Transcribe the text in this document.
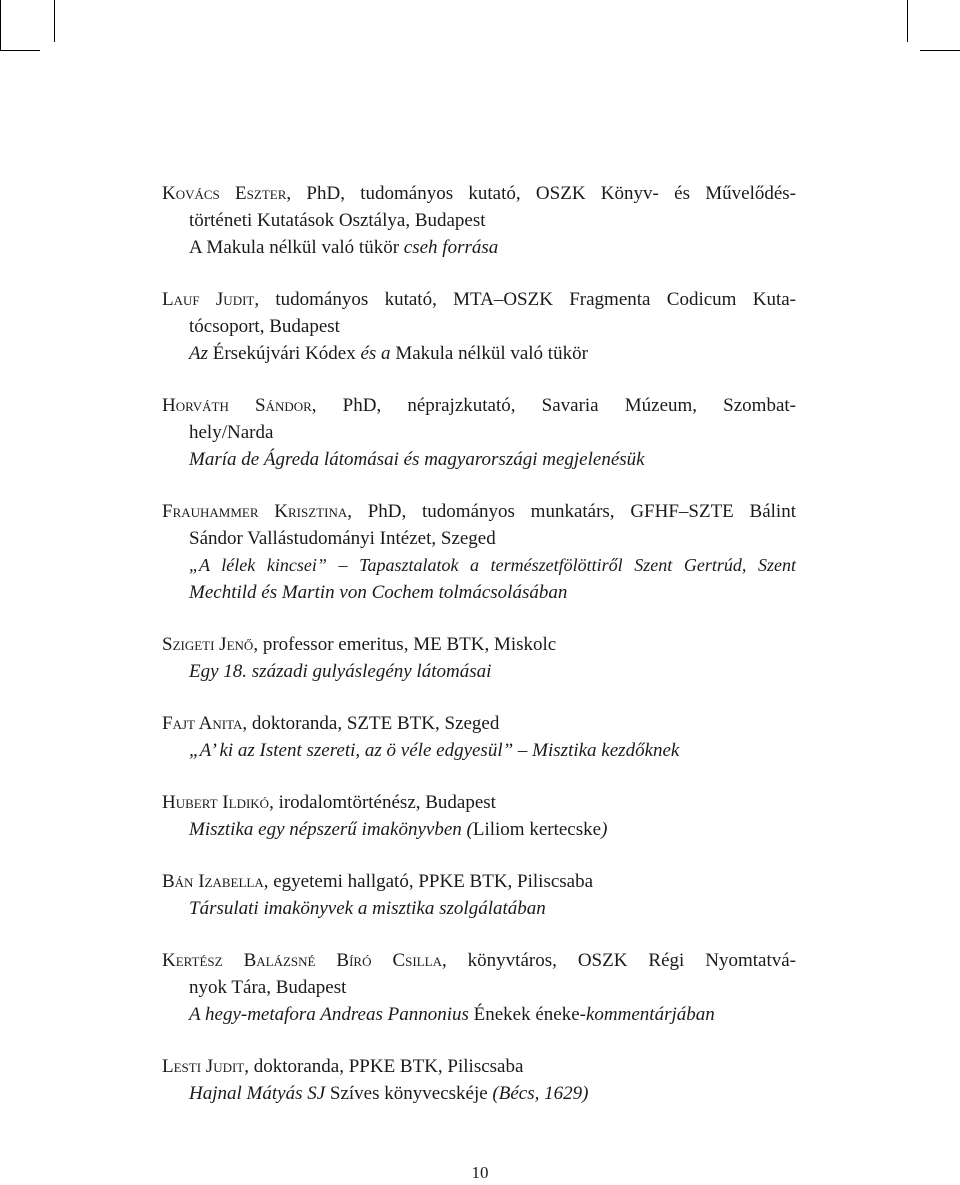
Kovács Eszter, PhD, tudományos kutató, OSZK Könyv- és Művelődés-

történeti Kutatások Osztálya, Budapest

A Makula nélkül való tükör cseh forrása

Lauf Judit, tudományos kutató, MTA–OSZK Fragmenta Codicum Kuta-

tócsoport, Budapest

Az Érsekújvári Kódex és a Makula nélkül való tükör

Horváth Sándor, PhD, néprajzkutató, Savaria Múzeum, Szombat-

hely/Narda

María de Ágreda látomásai és magyarországi megjelenésük

Frauhammer Krisztina, PhD, tudományos munkatárs, GFHF–SZTE Bálint

Sándor Vallástudományi Intézet, Szeged

„A lélek kincsei” – Tapasztalatok a természetfölöttiről Szent Gertrúd, Szent

Mechtild és Martin von Cochem tolmácsolásában

Szigeti Jenő, professor emeritus, ME BTK, Miskolc

Egy 18. századi gulyáslegény látomásai

Fajt Anita, doktoranda, SZTE BTK, Szeged

„A’ ki az Istent szereti, az ö véle edgyesül” – Misztika kezdőknek

Hubert Ildikó, irodalomtörténész, Budapest

Misztika egy népszerű imakönyvben (Liliom kertecske)

Bán Izabella, egyetemi hallgató, PPKE BTK, Piliscsaba

Társulati imakönyvek a misztika szolgálatában

Kertész Balázsné Bíró Csilla, könyvtáros, OSZK Régi Nyomtatvá-

nyok Tára, Budapest

A hegy-metafora Andreas Pannonius Énekek éneke-kommentárjában

Lesti Judit, doktoranda, PPKE BTK, Piliscsaba

Hajnal Mátyás SJ Szíves könyvecskéje (Bécs, 1629)

10
